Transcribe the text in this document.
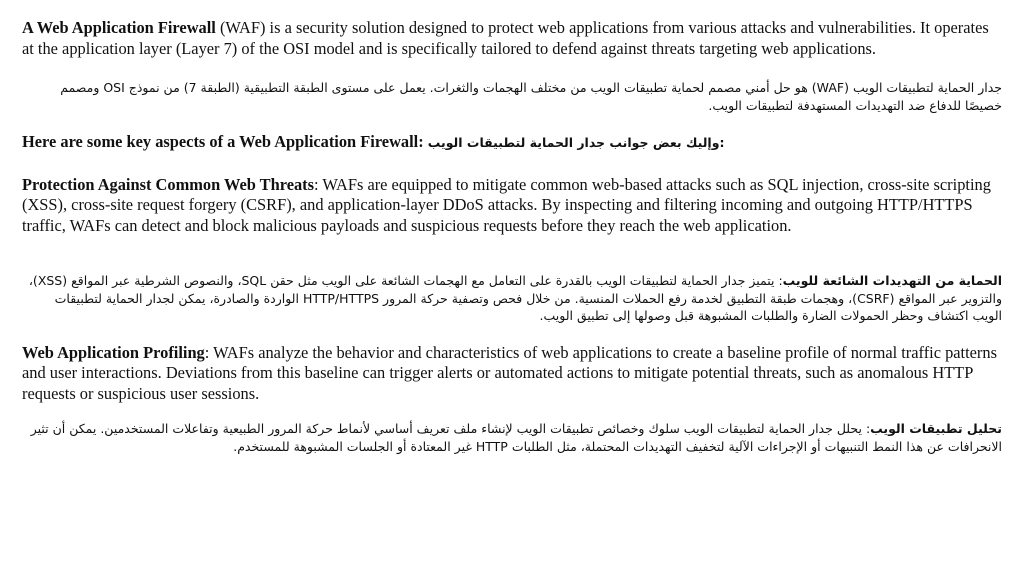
A Web Application Firewall (WAF) is a security solution designed to protect web applications from various attacks and vulnerabilities. It operates at the application layer (Layer 7) of the OSI model and is specifically tailored to defend against threats targeting web applications.

جدار الحماية لتطبيقات الويب (WAF) هو حل أمني مصمم لحماية تطبيقات الويب من مختلف الهجمات والثغرات. يعمل على مستوى الطبقة التطبيقية (الطبقة 7) من نموذج OSI ومصمم خصيصًا للدفاع ضد التهديدات المستهدفة لتطبيقات الويب.

Here are some key aspects of a Web Application Firewall: وإليك بعض جوانب جدار الحماية لتطبيقات الويب:

Protection Against Common Web Threats: WAFs are equipped to mitigate common web-based attacks such as SQL injection, cross-site scripting (XSS), cross-site request forgery (CSRF), and application-layer DDoS attacks. By inspecting and filtering incoming and outgoing HTTP/HTTPS traffic, WAFs can detect and block malicious payloads and suspicious requests before they reach the web application.

الحماية من التهديدات الشائعة للويب: يتميز جدار الحماية لتطبيقات الويب بالقدرة على التعامل مع الهجمات الشائعة على الويب مثل حقن SQL، والنصوص الشرطية عبر المواقع (XSS)، والتزوير عبر المواقع (CSRF)، وهجمات طبقة التطبيق لخدمة رفع الحملات المنسية. من خلال فحص وتصفية حركة المرور HTTP/HTTPS الواردة والصادرة، يمكن لجدار الحماية لتطبيقات الويب اكتشاف وحظر الحمولات الضارة والطلبات المشبوهة قبل وصولها إلى تطبيق الويب.

Web Application Profiling: WAFs analyze the behavior and characteristics of web applications to create a baseline profile of normal traffic patterns and user interactions. Deviations from this baseline can trigger alerts or automated actions to mitigate potential threats, such as anomalous HTTP requests or suspicious user sessions.

تحليل تطبيقات الويب: يحلل جدار الحماية لتطبيقات الويب سلوك وخصائص تطبيقات الويب لإنشاء ملف تعريف أساسي لأنماط حركة المرور الطبيعية وتفاعلات المستخدمين. يمكن أن تثير الانحرافات عن هذا النمط التنبيهات أو الإجراءات الآلية لتخفيف التهديدات المحتملة، مثل الطلبات HTTP غير المعتادة أو الجلسات المشبوهة للمستخدم.
